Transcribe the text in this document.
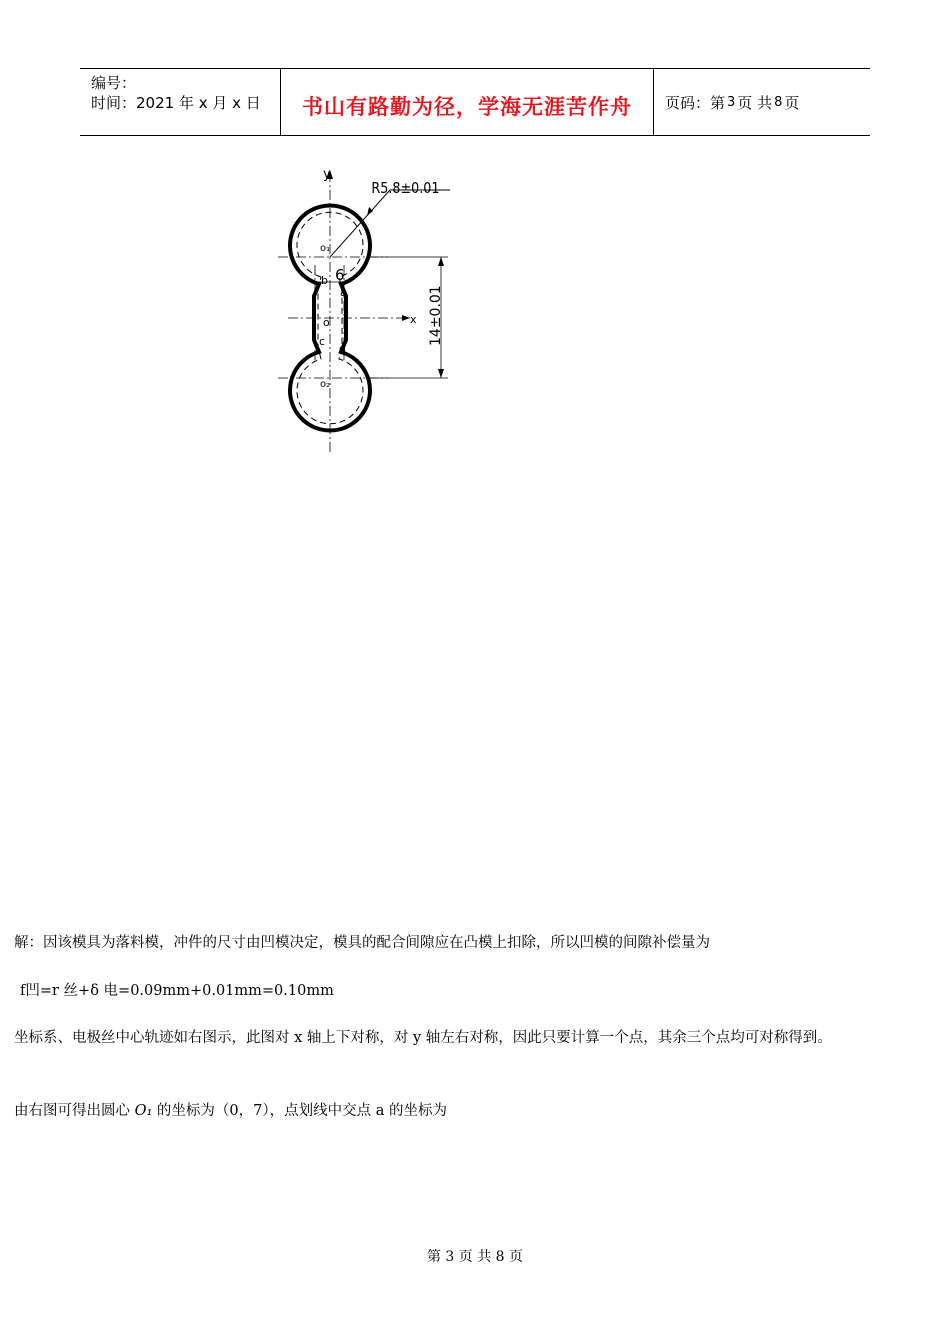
编号：
时间：2021 年 x 月 x 日	书山有路勤为径，学海无涯苦作舟	页码：第 3 页 共 8 页
y
x
R5.8±0.01
6
14±0.01
o₁
o₂
o
a
b
c
d
解：因该模具为落料模，冲件的尺寸由凹模决定，模具的配合间隙应在凸模上扣除，所以凹模的间隙补偿量为
f凹=r 丝+δ 电=0.09mm+0.01mm=0.10mm
坐标系、电极丝中心轨迹如右图示，此图对 x 轴上下对称，对 y 轴左右对称，因此只要计算一个点，其余三个点均可对称得到。
由右图可得出圆心 O₁ 的坐标为（0，7），点划线中交点 a 的坐标为
第 3 页 共 8 页
